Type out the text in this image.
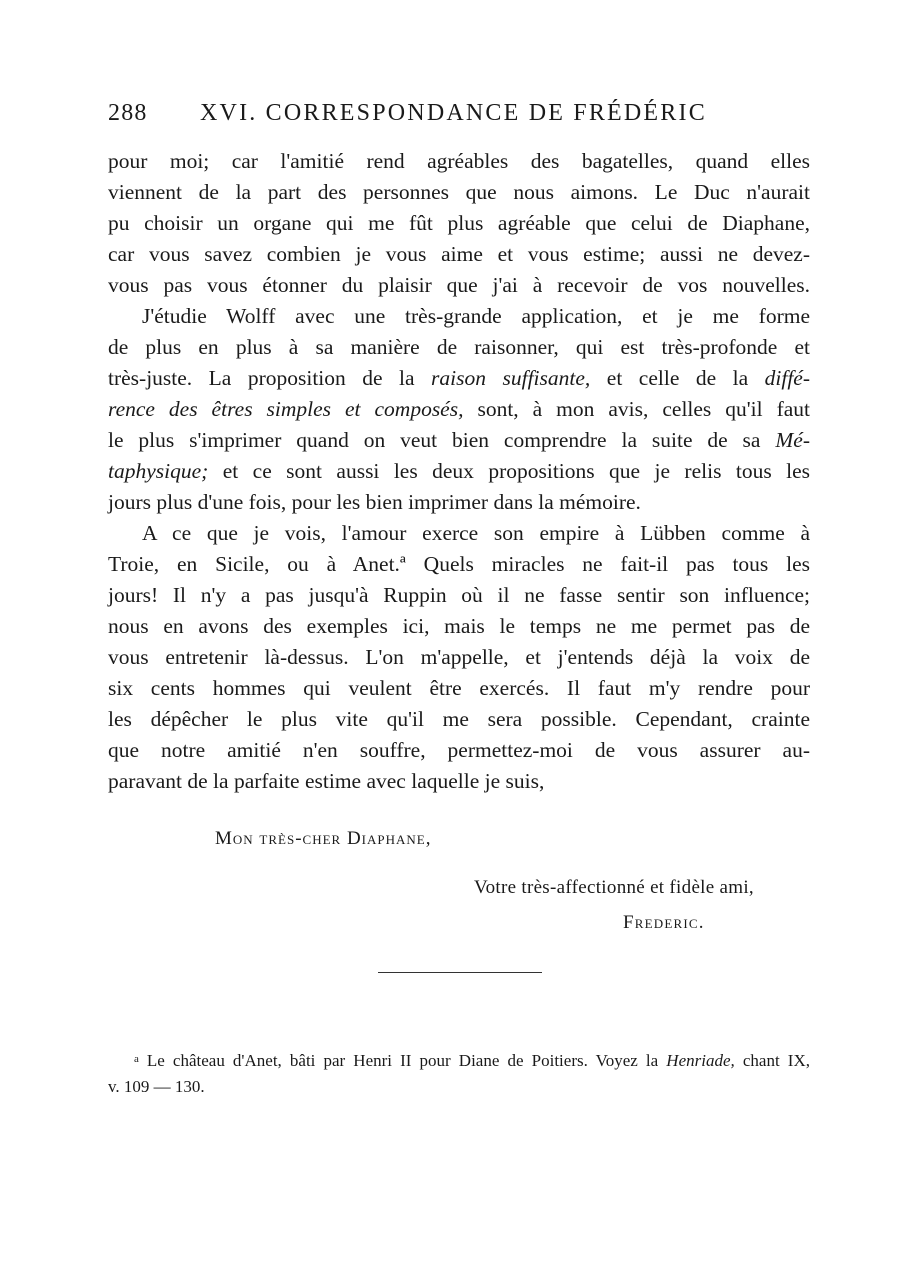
288 XVI. CORRESPONDANCE DE FRÉDÉRIC
pour moi; car l'amitié rend agréables des bagatelles, quand elles
viennent de la part des personnes que nous aimons. Le Duc n'aurait
pu choisir un organe qui me fût plus agréable que celui de Diaphane,
car vous savez combien je vous aime et vous estime; aussi ne devez-
vous pas vous étonner du plaisir que j'ai à recevoir de vos nouvelles.
J'étudie Wolff avec une très-grande application, et je me forme
de plus en plus à sa manière de raisonner, qui est très-profonde et
très-juste. La proposition de la raison suffisante, et celle de la diffé-
rence des êtres simples et composés, sont, à mon avis, celles qu'il faut
le plus s'imprimer quand on veut bien comprendre la suite de sa Mé-
taphysique; et ce sont aussi les deux propositions que je relis tous les
jours plus d'une fois, pour les bien imprimer dans la mémoire.
A ce que je vois, l'amour exerce son empire à Lübben comme à
Troie, en Sicile, ou à Anet.ª Quels miracles ne fait-il pas tous les
jours! Il n'y a pas jusqu'à Ruppin où il ne fasse sentir son influence;
nous en avons des exemples ici, mais le temps ne me permet pas de
vous entretenir là-dessus. L'on m'appelle, et j'entends déjà la voix de
six cents hommes qui veulent être exercés. Il faut m'y rendre pour
les dépêcher le plus vite qu'il me sera possible. Cependant, crainte
que notre amitié n'en souffre, permettez-moi de vous assurer au-
paravant de la parfaite estime avec laquelle je suis,
Mon très-cher Diaphane,
Votre très-affectionné et fidèle ami,
Frederic.
$^a$ Le château d'Anet, bâti par Henri II pour Diane de Poitiers. Voyez la Henriade, chant IX,
v. 109 — 130.
